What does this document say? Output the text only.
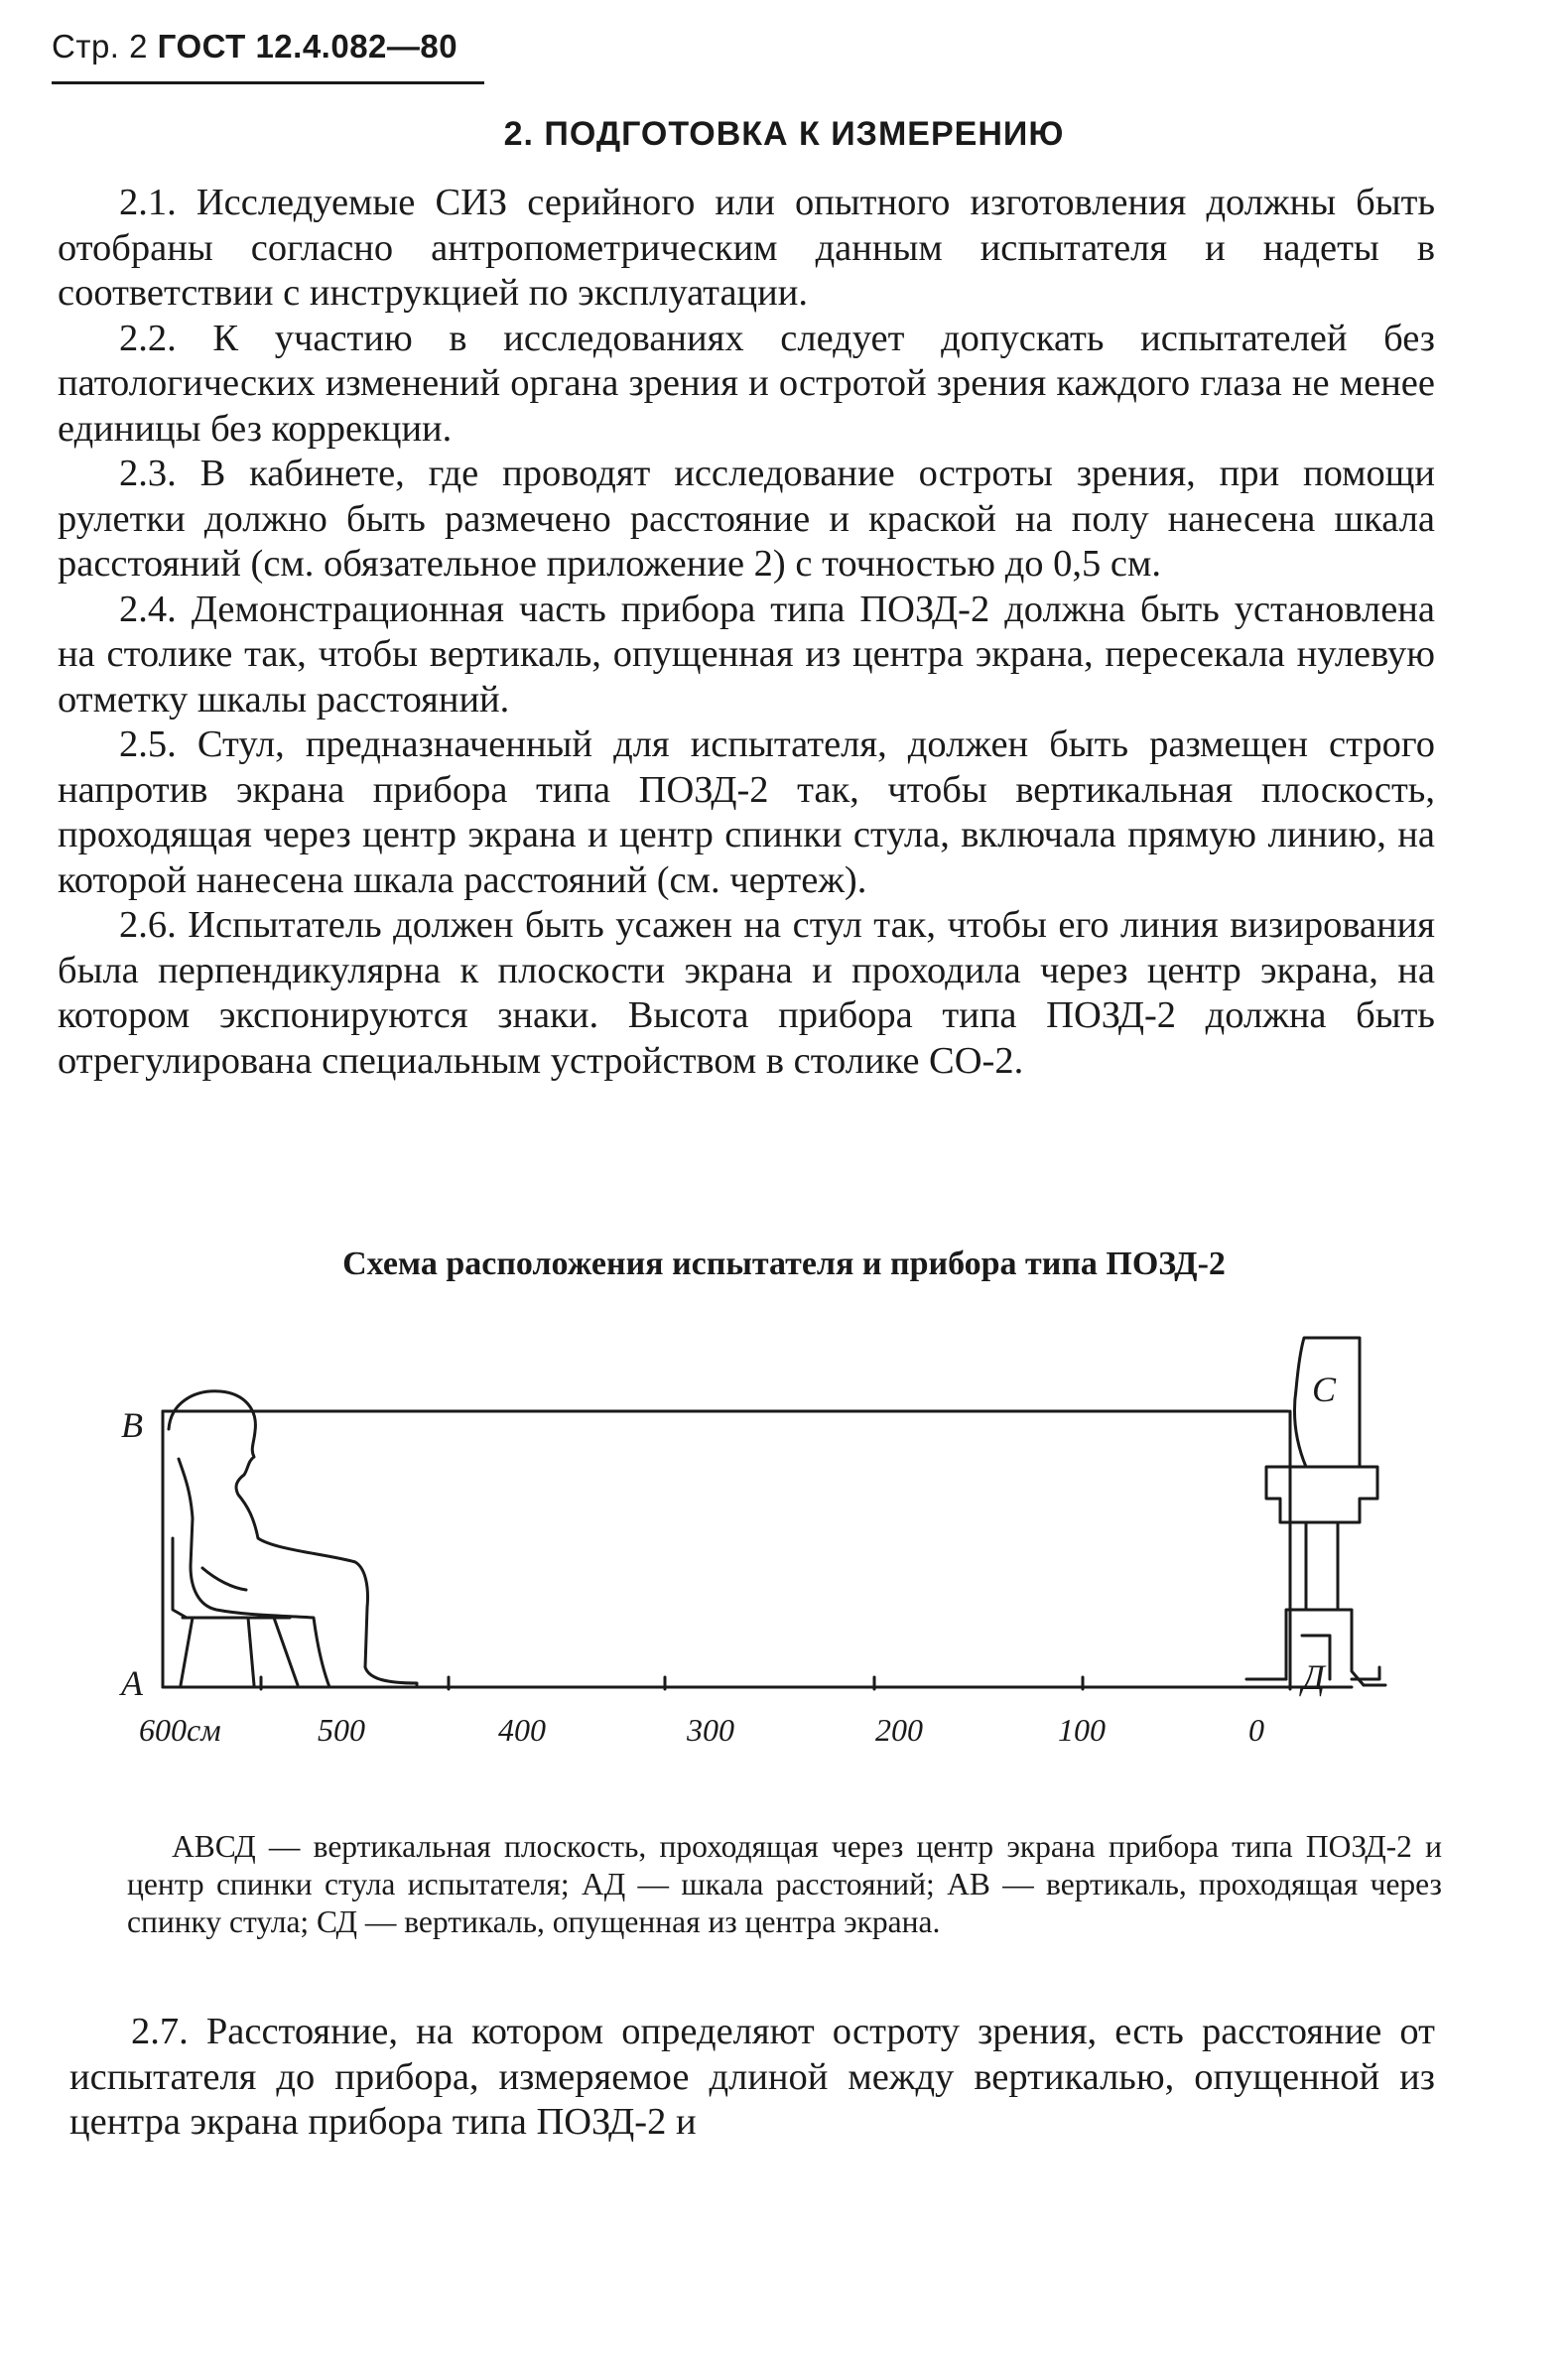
Стр. 2 ГОСТ 12.4.082—80
2. ПОДГОТОВКА К ИЗМЕРЕНИЮ

2.1. Исследуемые СИЗ серийного или опытного изготовления должны быть отобраны согласно антропометрическим данным испытателя и надеты в соответствии с инструкцией по эксплуатации.

2.2. К участию в исследованиях следует допускать испытателей без патологических изменений органа зрения и остротой зрения каждого глаза не менее единицы без коррекции.

2.3. В кабинете, где проводят исследование остроты зрения, при помощи рулетки должно быть размечено расстояние и краской на полу нанесена шкала расстояний (см. обязательное приложение 2) с точностью до 0,5 см.

2.4. Демонстрационная часть прибора типа ПОЗД-2 должна быть установлена на столике так, чтобы вертикаль, опущенная из центра экрана, пересекала нулевую отметку шкалы расстояний.

2.5. Стул, предназначенный для испытателя, должен быть размещен строго напротив экрана прибора типа ПОЗД-2 так, чтобы вертикальная плоскость, проходящая через центр экрана и центр спинки стула, включала прямую линию, на которой нанесена шкала расстояний (см. чертеж).

2.6. Испытатель должен быть усажен на стул так, чтобы его линия визирования была перпендикулярна к плоскости экрана и проходила через центр экрана, на котором экспонируются знаки. Высота прибора типа ПОЗД-2 должна быть отрегулирована специальным устройством в столике СО-2.

Схема расположения испытателя и прибора типа ПОЗД-2
В
А
С
Д
600см	500	400	300	200	100	0
АВСД — вертикальная плоскость, проходящая через центр экрана прибора типа ПОЗД-2 и центр спинки стула испытателя; АД — шкала расстояний; АВ — вертикаль, проходящая через спинку стула; СД — вертикаль, опущенная из центра экрана.

2.7. Расстояние, на котором определяют остроту зрения, есть расстояние от испытателя до прибора, измеряемое длиной между вертикалью, опущенной из центра экрана прибора типа ПОЗД-2 и
